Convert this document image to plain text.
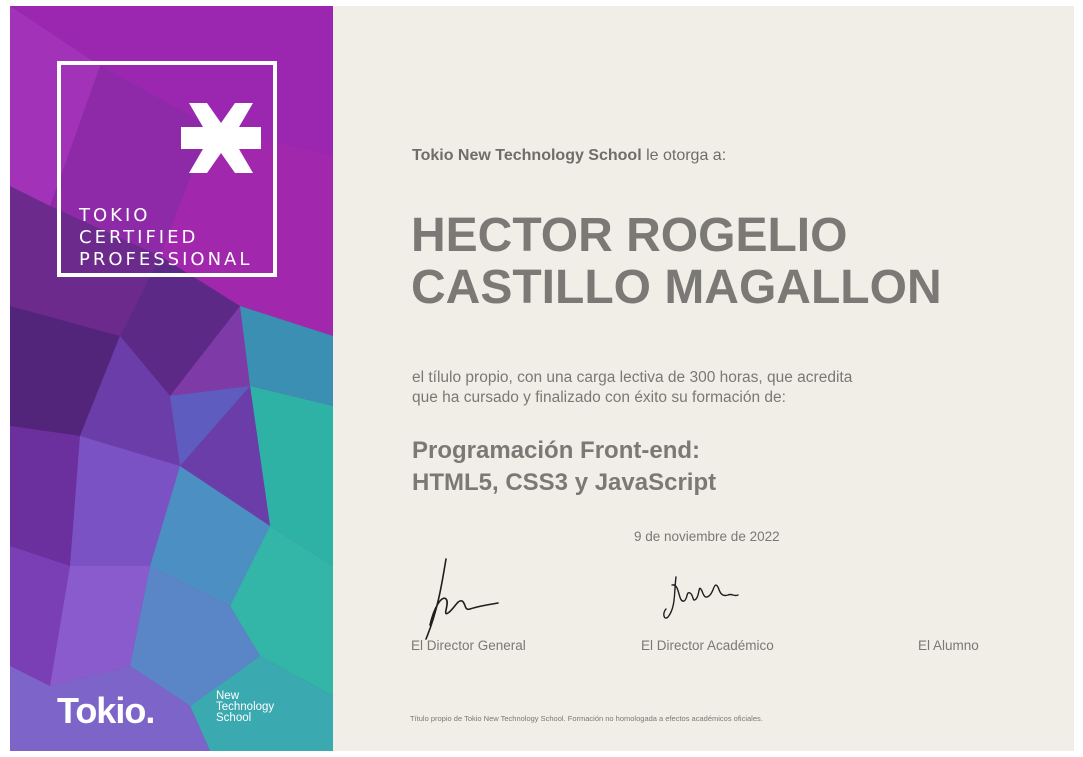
TOKIO
CERTIFIED
PROFESSIONAL
Tokio.	New
Technology
School
Tokio New Technology School le otorga a:
HECTOR ROGELIO
CASTILLO MAGALLON
el tílulo propio, con una carga lectiva de 300 horas, que acredita
que ha cursado y finalizado con éxito su formación de:
Programación Front-end:
HTML5, CSS3 y JavaScript
9 de noviembre de 2022
El Director General	El Director Académico	El Alumno
Título propio de Tokio New Technology School. Formación no homologada a efectos académicos oficiales.
